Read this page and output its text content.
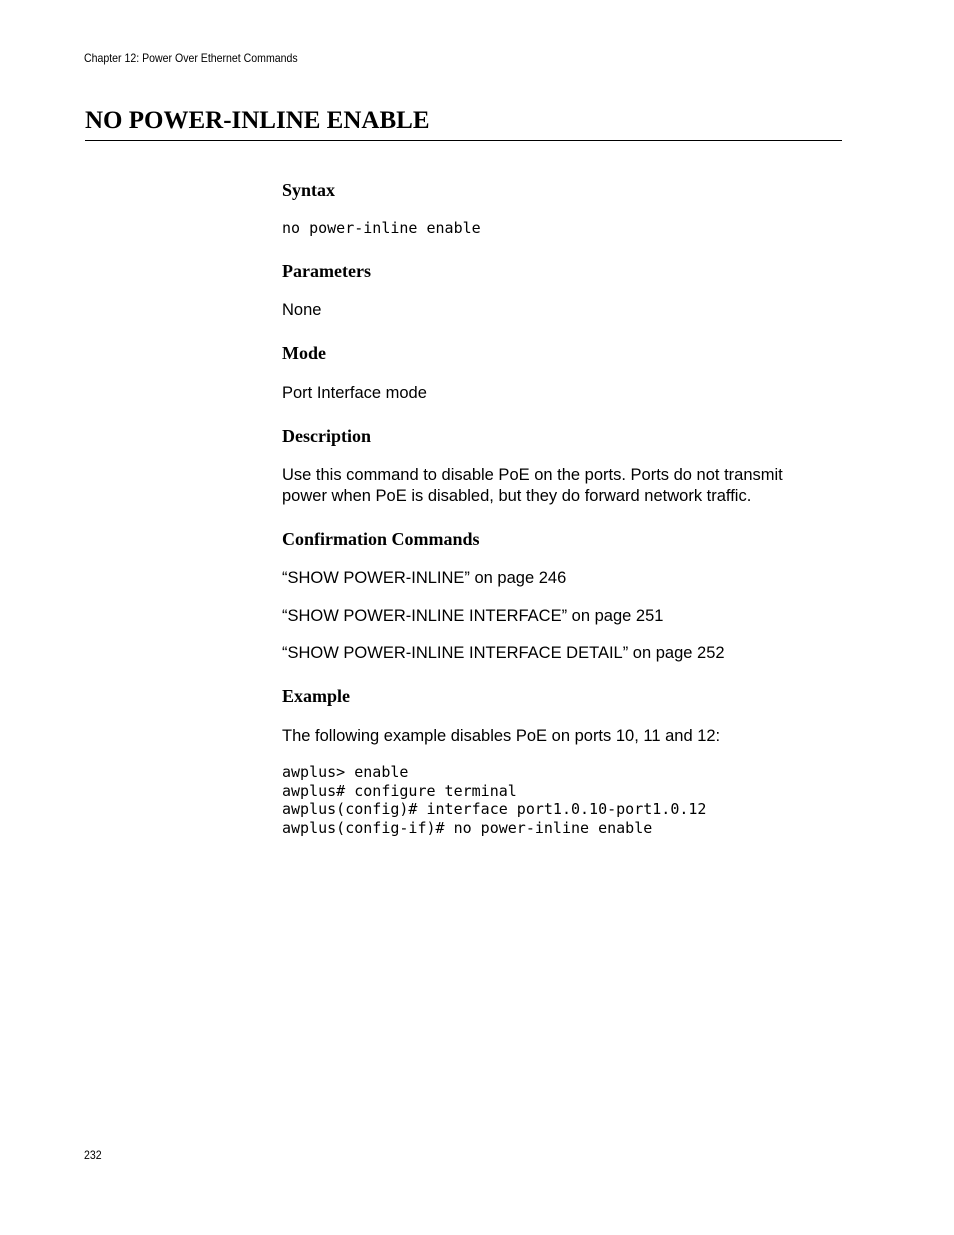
Chapter 12: Power Over Ethernet Commands
NO POWER-INLINE ENABLE
Syntax

no power-inline enable

Parameters

None

Mode

Port Interface mode

Description

Use this command to disable PoE on the ports. Ports do not transmit

power when PoE is disabled, but they do forward network traffic.

Confirmation Commands

“SHOW POWER-INLINE” on page 246

“SHOW POWER-INLINE INTERFACE” on page 251

“SHOW POWER-INLINE INTERFACE DETAIL” on page 252

Example

The following example disables PoE on ports 10, 11 and 12:

awplus> enable

awplus# configure terminal

awplus(config)# interface port1.0.10-port1.0.12

awplus(config-if)# no power-inline enable

232
